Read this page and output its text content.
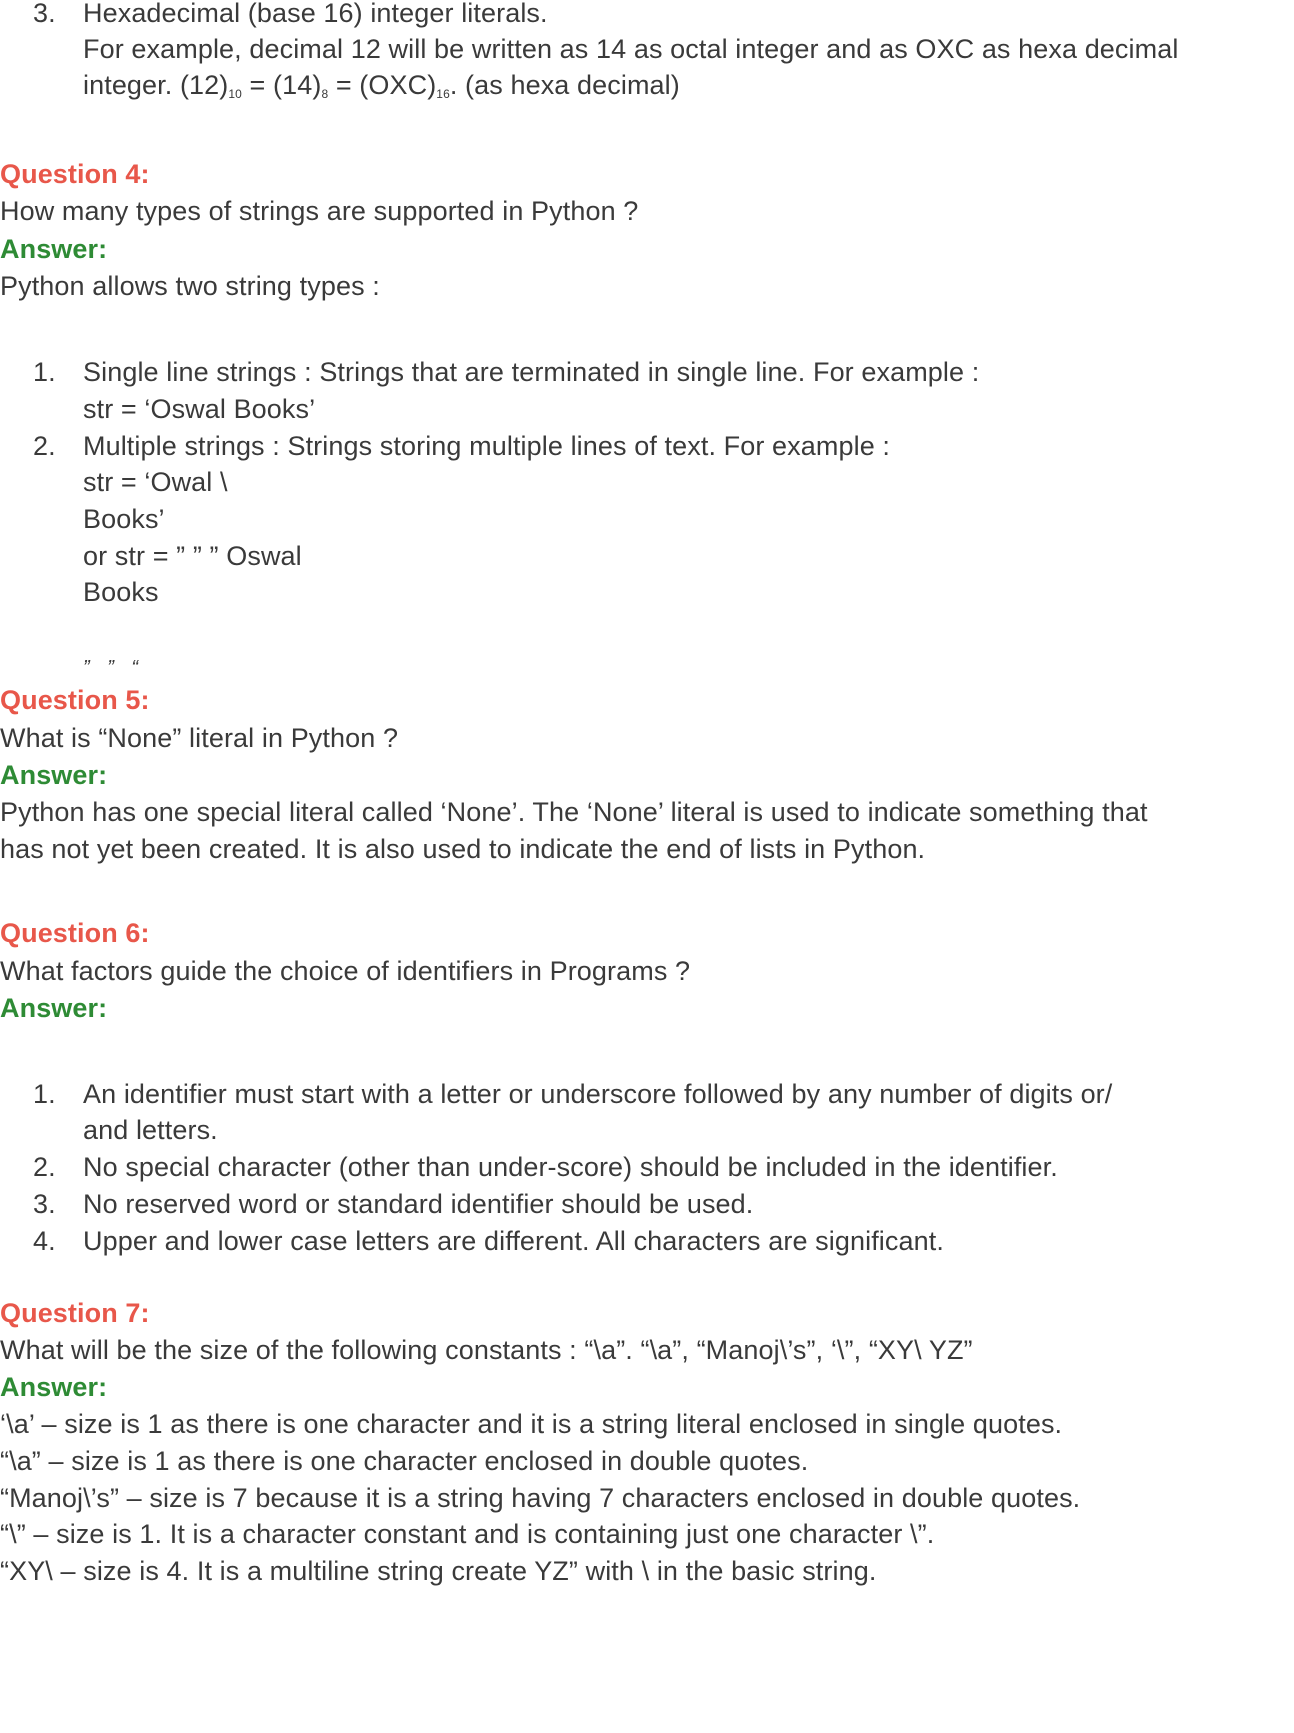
3.	Hexadecimal (base 16) integer literals.
For example, decimal 12 will be written as 14 as octal integer and as OXC as hexa decimal
integer. $(12)_{10} = (14)_8 = (OXC)_{16}$. (as hexa decimal)
Question 4:
How many types of strings are supported in Python ?
Answer:
Python allows two string types :
1.	Single line strings : Strings that are terminated in single line. For example :
str = ‘Oswal Books’
2.	Multiple strings : Strings storing multiple lines of text. For example :
str = ‘Owal \
Books’
or str = ” ” ” Oswal
Books
” ” “
Question 5:
What is “None” literal in Python ?
Answer:
Python has one special literal called ‘None’. The ‘None’ literal is used to indicate something that
has not yet been created. It is also used to indicate the end of lists in Python.
Question 6:
What factors guide the choice of identifiers in Programs ?
Answer:
1.	An identifier must start with a letter or underscore followed by any number of digits or/
and letters.
2.	No special character (other than under-score) should be included in the identifier.
3.	No reserved word or standard identifier should be used.
4.	Upper and lower case letters are different. All characters are significant.
Question 7:
What will be the size of the following constants : “\a”. “\a”, “Manoj\’s”, ‘\”, “XY\ YZ”
Answer:
‘\a’ – size is 1 as there is one character and it is a string literal enclosed in single quotes.
“\a” – size is 1 as there is one character enclosed in double quotes.
“Manoj\’s” – size is 7 because it is a string having 7 characters enclosed in double quotes.
“\” – size is 1. It is a character constant and is containing just one character \”.
“XY\ – size is 4. It is a multiline string create YZ” with \ in the basic string.
